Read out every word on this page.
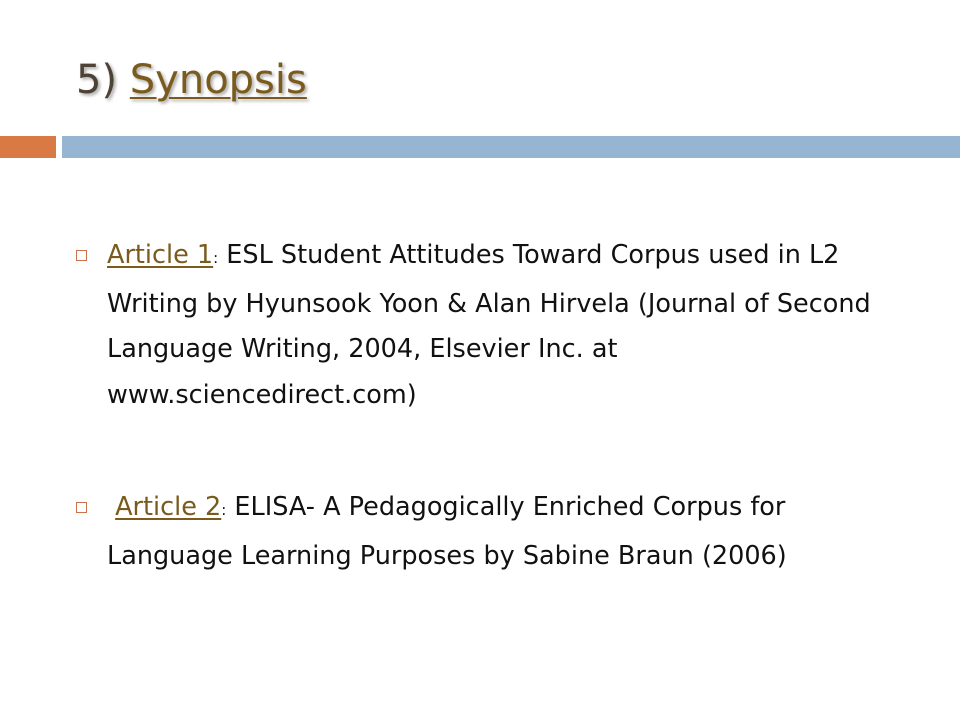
5) Synopsis
Article 1: ESL Student Attitudes Toward Corpus used in L2 Writing by Hyunsook Yoon & Alan Hirvela (Journal of Second Language Writing, 2004, Elsevier Inc. at www.sciencedirect.com)
Article 2: ELISA- A Pedagogically Enriched Corpus for Language Learning Purposes by Sabine Braun (2006)
